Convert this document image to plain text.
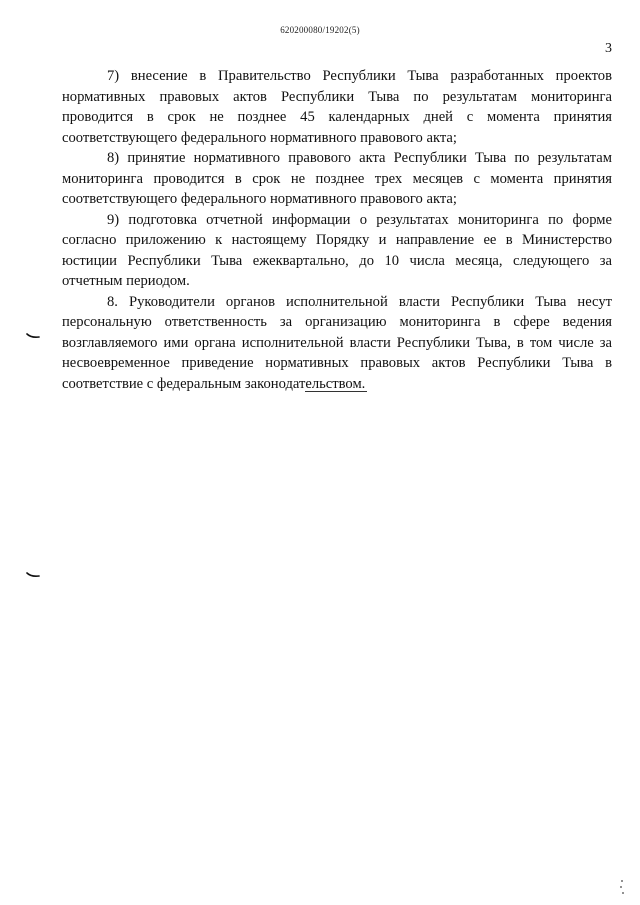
620200080/19202(5)
3

7) внесение в Правительство Республики Тыва разработанных проектов нормативных правовых актов Республики Тыва по результатам мониторинга проводится в срок не позднее 45 календарных дней с момента принятия соответствующего федерального нормативного правового акта;

8) принятие нормативного правового акта Республики Тыва по результатам мониторинга проводится в срок не позднее трех месяцев с момента принятия соответствующего федерального нормативного правового акта;

9) подготовка отчетной информации о результатах мониторинга по форме согласно приложению к настоящему Порядку и направление ее в Министерство юстиции Республики Тыва ежеквартально, до 10 числа месяца, следующего за отчетным периодом.

8. Руководители органов исполнительной власти Республики Тыва несут персональную ответственность за организацию мониторинга в сфере ведения возглавляемого ими органа исполнительной власти Республики Тыва, в том числе за несвоевременное приведение нормативных правовых актов Республики Тыва в соответствие с федеральным законодательством.
